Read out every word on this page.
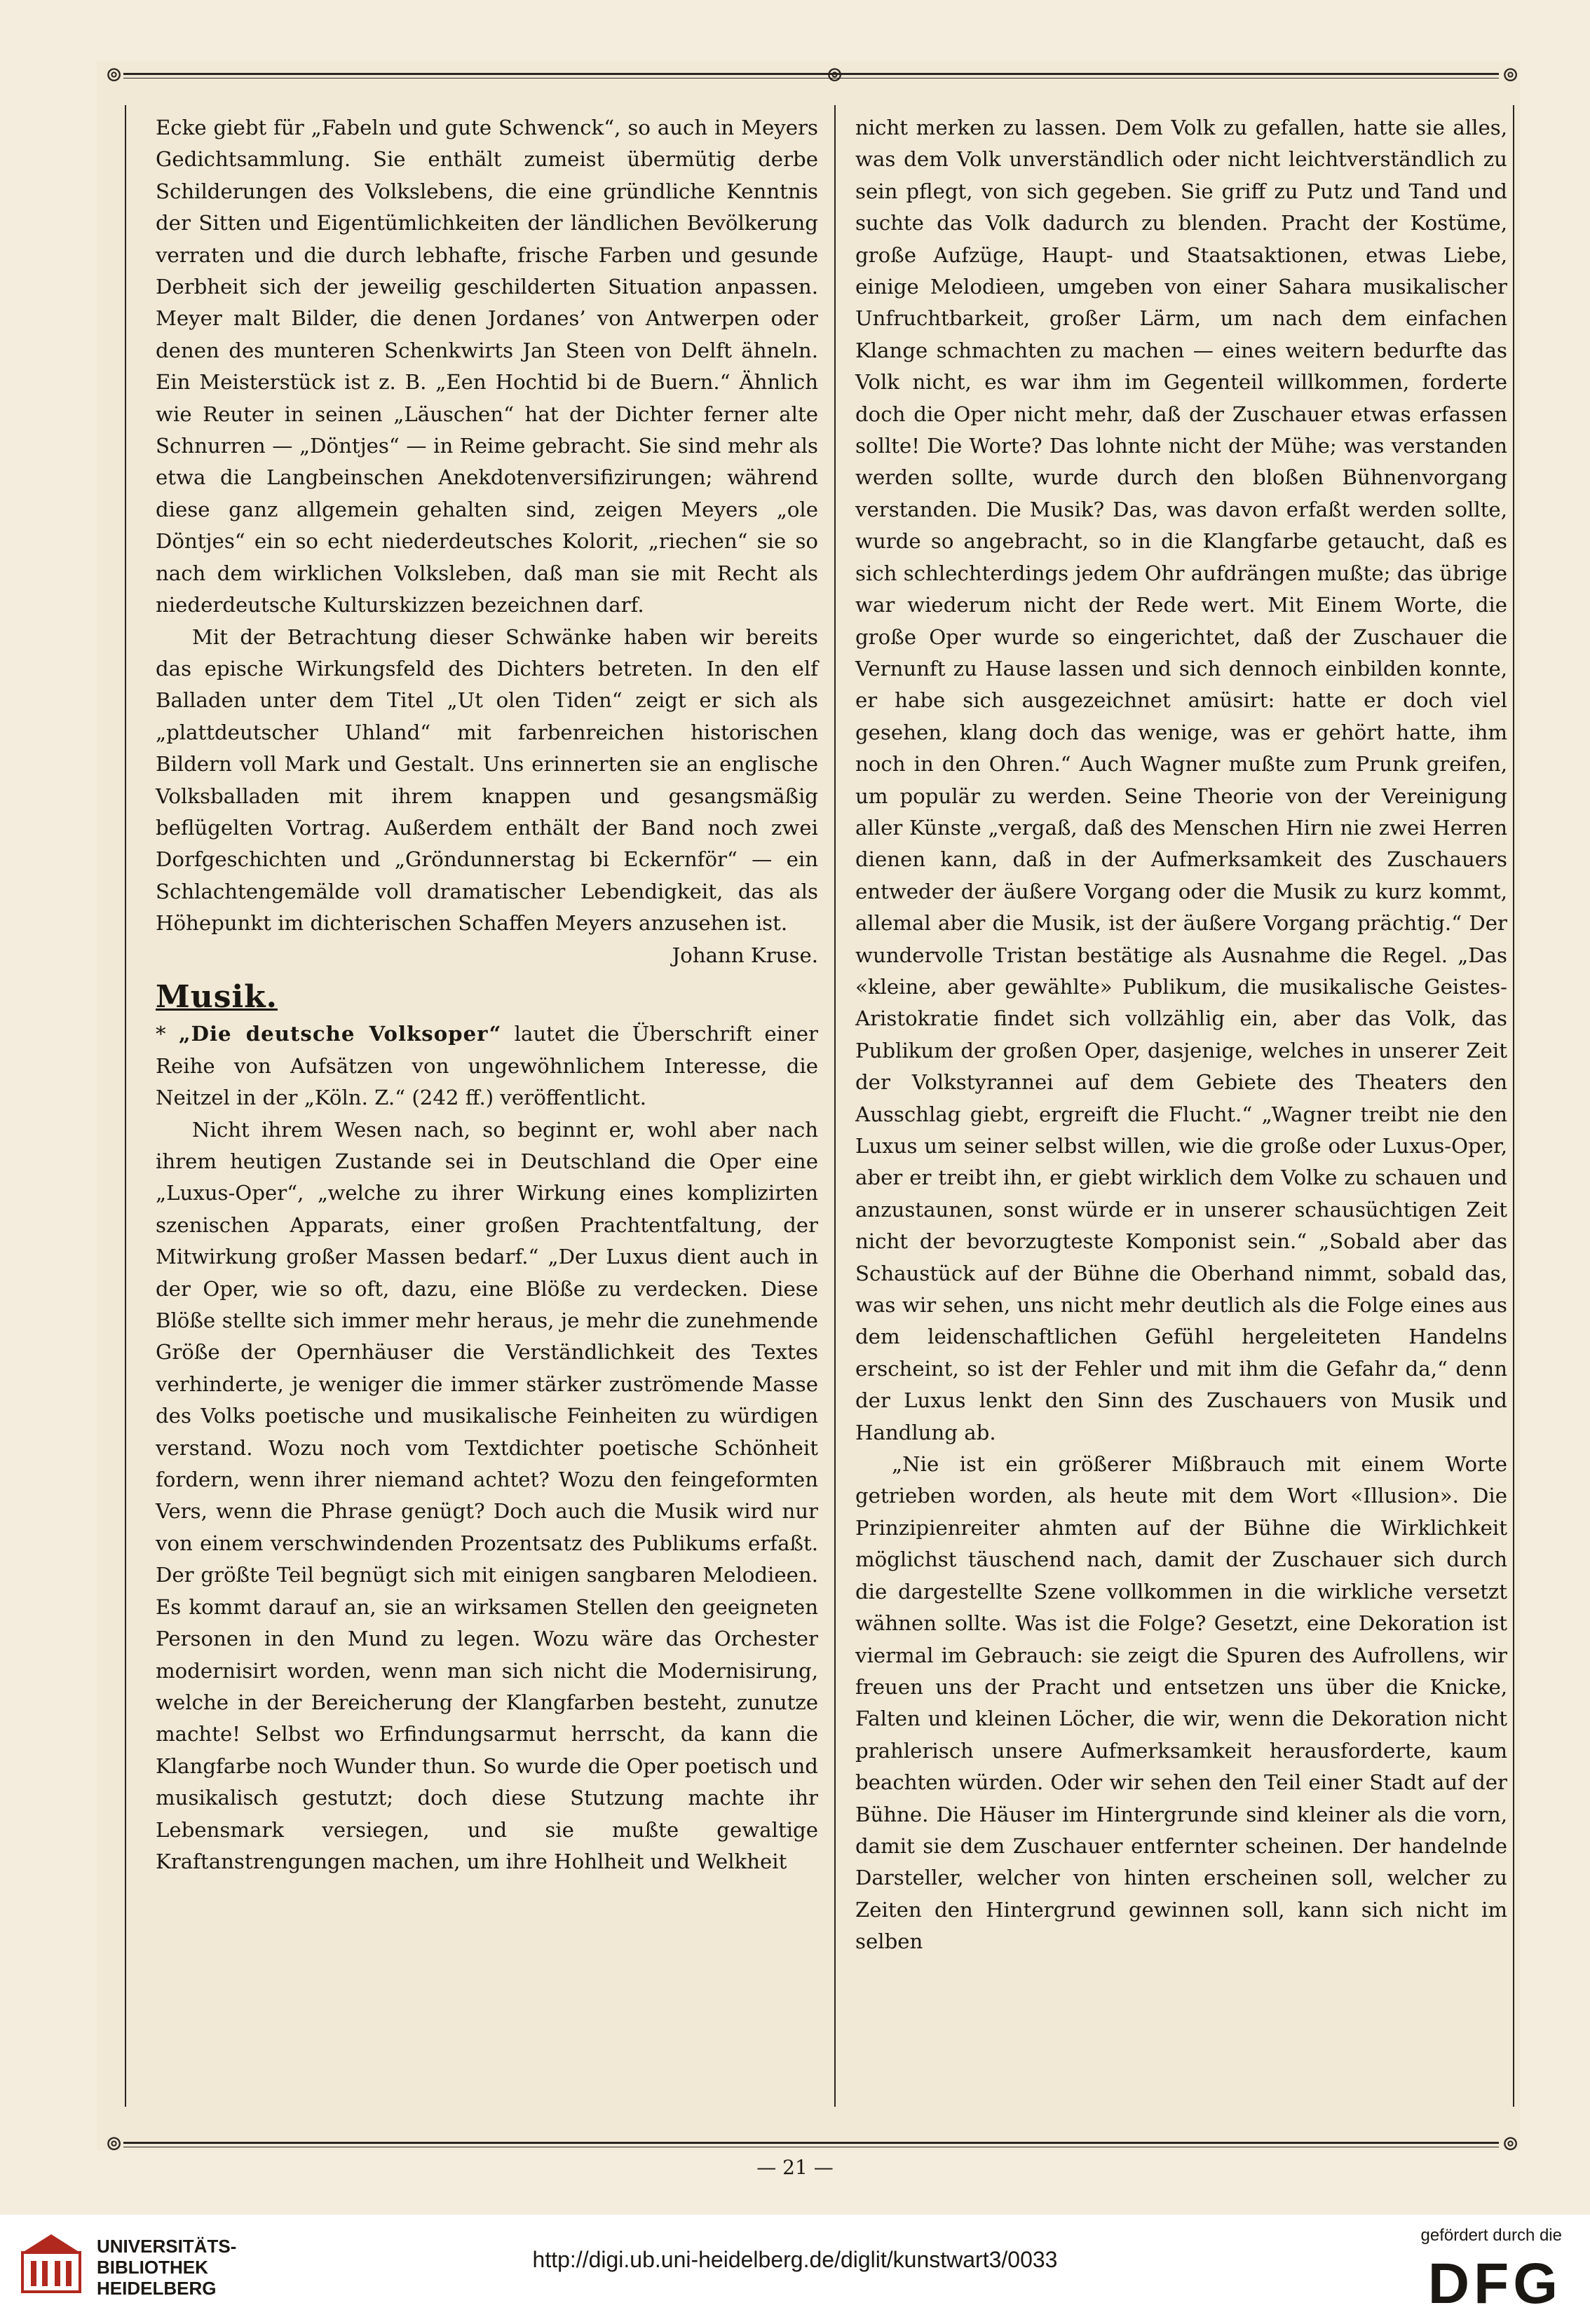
⊚	⊚	⊚

Ecke giebt für „Fabeln und gute Schwenck“, so auch in Meyers Gedichtsammlung. Sie enthält zumeist übermütig derbe Schilderungen des Volkslebens, die eine gründliche Kenntnis der Sitten und Eigentümlichkeiten der ländlichen Bevölkerung verraten und die durch lebhafte, frische Farben und gesunde Derbheit sich der jeweilig geschilderten Situation anpassen. Meyer malt Bilder, die denen Jordanes’ von Antwerpen oder denen des munteren Schenkwirts Jan Steen von Delft ähneln. Ein Meisterstück ist z. B. „Een Hochtid bi de Buern.“ Ähnlich wie Reuter in seinen „Läuschen“ hat der Dichter ferner alte Schnurren — „Döntjes“ — in Reime gebracht. Sie sind mehr als etwa die Langbeinschen Anekdotenversifizirungen; während diese ganz allgemein gehalten sind, zeigen Meyers „ole Döntjes“ ein so echt niederdeutsches Kolorit, „riechen“ sie so nach dem wirklichen Volksleben, daß man sie mit Recht als niederdeutsche Kulturskizzen bezeichnen darf.

Mit der Betrachtung dieser Schwänke haben wir bereits das epische Wirkungsfeld des Dichters betreten. In den elf Balladen unter dem Titel „Ut olen Tiden“ zeigt er sich als „plattdeutscher Uhland“ mit farbenreichen historischen Bildern voll Mark und Gestalt. Uns erinnerten sie an englische Volksballaden mit ihrem knappen und gesangsmäßig beflügelten Vortrag. Außerdem enthält der Band noch zwei Dorfgeschichten und „Gröndunnerstag bi Eckernför“ — ein Schlachtengemälde voll dramatischer Lebendigkeit, das als Höhepunkt im dichterischen Schaffen Meyers anzusehen ist.

Johann Kruse.
Musik.

* „Die deutsche Volksoper“ lautet die Überschrift einer Reihe von Aufsätzen von ungewöhnlichem Interesse, die Neitzel in der „Köln. Z.“ (242 ff.) veröffentlicht.

Nicht ihrem Wesen nach, so beginnt er, wohl aber nach ihrem heutigen Zustande sei in Deutschland die Oper eine „Luxus-Oper“, „welche zu ihrer Wirkung eines komplizirten szenischen Apparats, einer großen Prachtentfaltung, der Mitwirkung großer Massen bedarf.“ „Der Luxus dient auch in der Oper, wie so oft, dazu, eine Blöße zu verdecken. Diese Blöße stellte sich immer mehr heraus, je mehr die zunehmende Größe der Opernhäuser die Verständlichkeit des Textes verhinderte, je weniger die immer stärker zuströmende Masse des Volks poetische und musikalische Feinheiten zu würdigen verstand. Wozu noch vom Textdichter poetische Schönheit fordern, wenn ihrer niemand achtet? Wozu den feingeformten Vers, wenn die Phrase genügt? Doch auch die Musik wird nur von einem verschwindenden Prozentsatz des Publikums erfaßt. Der größte Teil begnügt sich mit einigen sangbaren Melodieen. Es kommt darauf an, sie an wirksamen Stellen den geeigneten Personen in den Mund zu legen. Wozu wäre das Orchester modernisirt worden, wenn man sich nicht die Modernisirung, welche in der Bereicherung der Klangfarben besteht, zunutze machte! Selbst wo Erfindungsarmut herrscht, da kann die Klangfarbe noch Wunder thun. So wurde die Oper poetisch und musikalisch gestutzt; doch diese Stutzung machte ihr Lebensmark versiegen, und sie mußte gewaltige Kraftanstrengungen machen, um ihre Hohlheit und Welkheit

nicht merken zu lassen. Dem Volk zu gefallen, hatte sie alles, was dem Volk unverständlich oder nicht leichtverständlich zu sein pflegt, von sich gegeben. Sie griff zu Putz und Tand und suchte das Volk dadurch zu blenden. Pracht der Kostüme, große Aufzüge, Haupt- und Staatsaktionen, etwas Liebe, einige Melodieen, umgeben von einer Sahara musikalischer Unfruchtbarkeit, großer Lärm, um nach dem einfachen Klange schmachten zu machen — eines weitern bedurfte das Volk nicht, es war ihm im Gegenteil willkommen, forderte doch die Oper nicht mehr, daß der Zuschauer etwas erfassen sollte! Die Worte? Das lohnte nicht der Mühe; was verstanden werden sollte, wurde durch den bloßen Bühnenvorgang verstanden. Die Musik? Das, was davon erfaßt werden sollte, wurde so angebracht, so in die Klangfarbe getaucht, daß es sich schlechterdings jedem Ohr aufdrängen mußte; das übrige war wiederum nicht der Rede wert. Mit Einem Worte, die große Oper wurde so eingerichtet, daß der Zuschauer die Vernunft zu Hause lassen und sich dennoch einbilden konnte, er habe sich ausgezeichnet amüsirt: hatte er doch viel gesehen, klang doch das wenige, was er gehört hatte, ihm noch in den Ohren.“ Auch Wagner mußte zum Prunk greifen, um populär zu werden. Seine Theorie von der Vereinigung aller Künste „vergaß, daß des Menschen Hirn nie zwei Herren dienen kann, daß in der Aufmerksamkeit des Zuschauers entweder der äußere Vorgang oder die Musik zu kurz kommt, allemal aber die Musik, ist der äußere Vorgang prächtig.“ Der wundervolle Tristan bestätige als Ausnahme die Regel. „Das «kleine, aber gewählte» Publikum, die musikalische Geistes-Aristokratie findet sich vollzählig ein, aber das Volk, das Publikum der großen Oper, dasjenige, welches in unserer Zeit der Volkstyrannei auf dem Gebiete des Theaters den Ausschlag giebt, ergreift die Flucht.“ „Wagner treibt nie den Luxus um seiner selbst willen, wie die große oder Luxus-Oper, aber er treibt ihn, er giebt wirklich dem Volke zu schauen und anzustaunen, sonst würde er in unserer schausüchtigen Zeit nicht der bevorzugteste Komponist sein.“ „Sobald aber das Schaustück auf der Bühne die Oberhand nimmt, sobald das, was wir sehen, uns nicht mehr deutlich als die Folge eines aus dem leidenschaftlichen Gefühl hergeleiteten Handelns erscheint, so ist der Fehler und mit ihm die Gefahr da,“ denn der Luxus lenkt den Sinn des Zuschauers von Musik und Handlung ab.

„Nie ist ein größerer Mißbrauch mit einem Worte getrieben worden, als heute mit dem Wort «Illusion». Die Prinzipienreiter ahmten auf der Bühne die Wirklichkeit möglichst täuschend nach, damit der Zuschauer sich durch die dargestellte Szene vollkommen in die wirkliche versetzt wähnen sollte. Was ist die Folge? Gesetzt, eine Dekoration ist viermal im Gebrauch: sie zeigt die Spuren des Aufrollens, wir freuen uns der Pracht und entsetzen uns über die Knicke, Falten und kleinen Löcher, die wir, wenn die Dekoration nicht prahlerisch unsere Aufmerksamkeit herausforderte, kaum beachten würden. Oder wir sehen den Teil einer Stadt auf der Bühne. Die Häuser im Hintergrunde sind kleiner als die vorn, damit sie dem Zuschauer entfernter scheinen. Der handelnde Darsteller, welcher von hinten erscheinen soll, welcher zu Zeiten den Hintergrund gewinnen soll, kann sich nicht im selben

⊚	⊚
— 21 —
UNIVERSITÄTS-
BIBLIOTHEK
HEIDELBERG
http://digi.ub.uni-heidelberg.de/diglit/kunstwart3/0033
gefördert durch die
DFG
